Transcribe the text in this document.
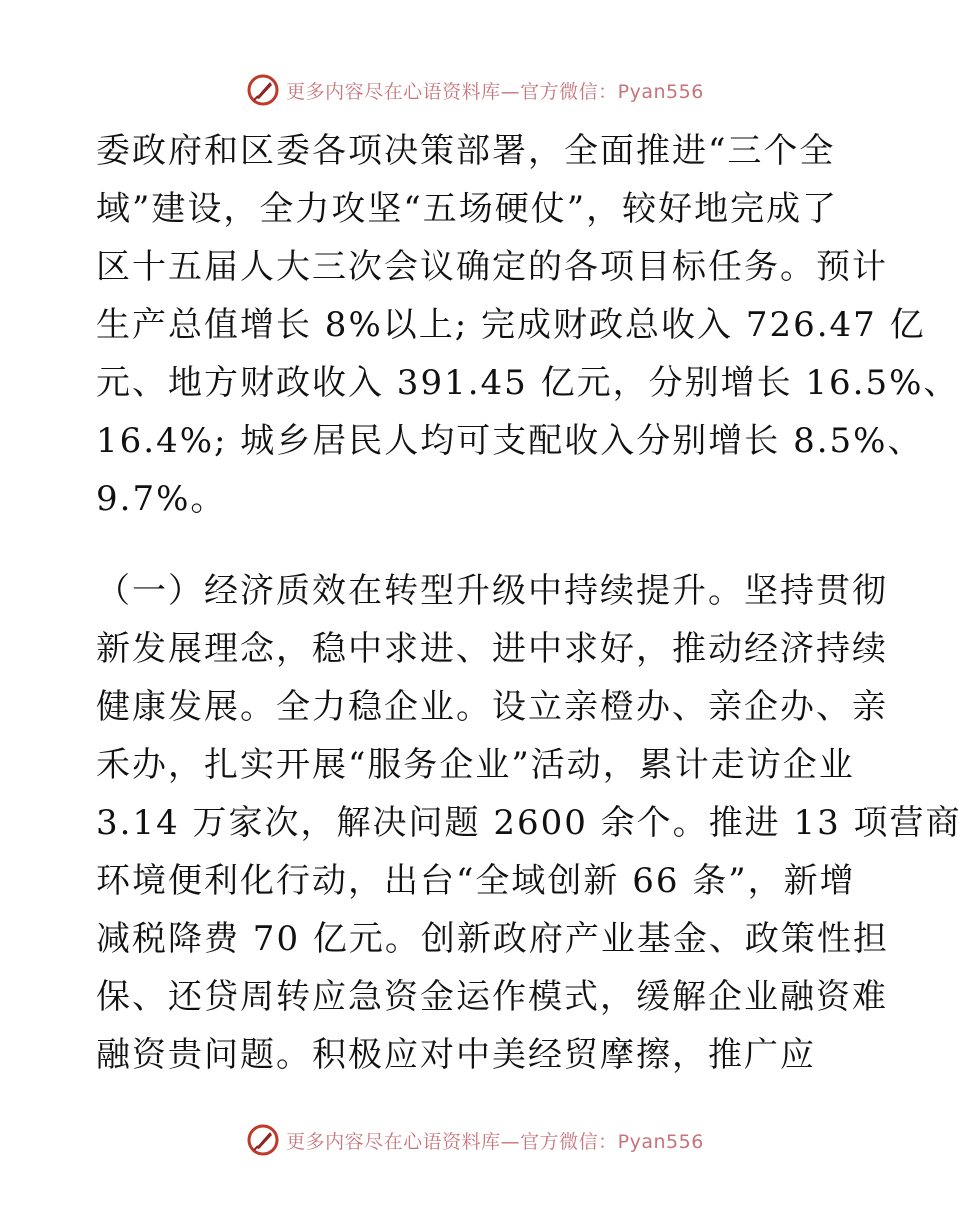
更多内容尽在心语资料库—官方微信：Pyan556
委政府和区委各项决策部署，全面推进“三个全
域”建设，全力攻坚“五场硬仗”，较好地完成了
区十五届人大三次会议确定的各项目标任务。预计
生产总值增长 8%以上; 完成财政总收入 726.47 亿
元、地方财政收入 391.45 亿元，分别增长 16.5%、
16.4%; 城乡居民人均可支配收入分别增长 8.5%、
9.7%。
（一）经济质效在转型升级中持续提升。坚持贯彻
新发展理念，稳中求进、进中求好，推动经济持续
健康发展。全力稳企业。设立亲橙办、亲企办、亲
禾办，扎实开展“服务企业”活动，累计走访企业
3.14 万家次，解决问题 2600 余个。推进 13 项营商
环境便利化行动，出台“全域创新 66 条”，新增
减税降费 70 亿元。创新政府产业基金、政策性担
保、还贷周转应急资金运作模式，缓解企业融资难
融资贵问题。积极应对中美经贸摩擦，推广应
更多内容尽在心语资料库—官方微信：Pyan556
